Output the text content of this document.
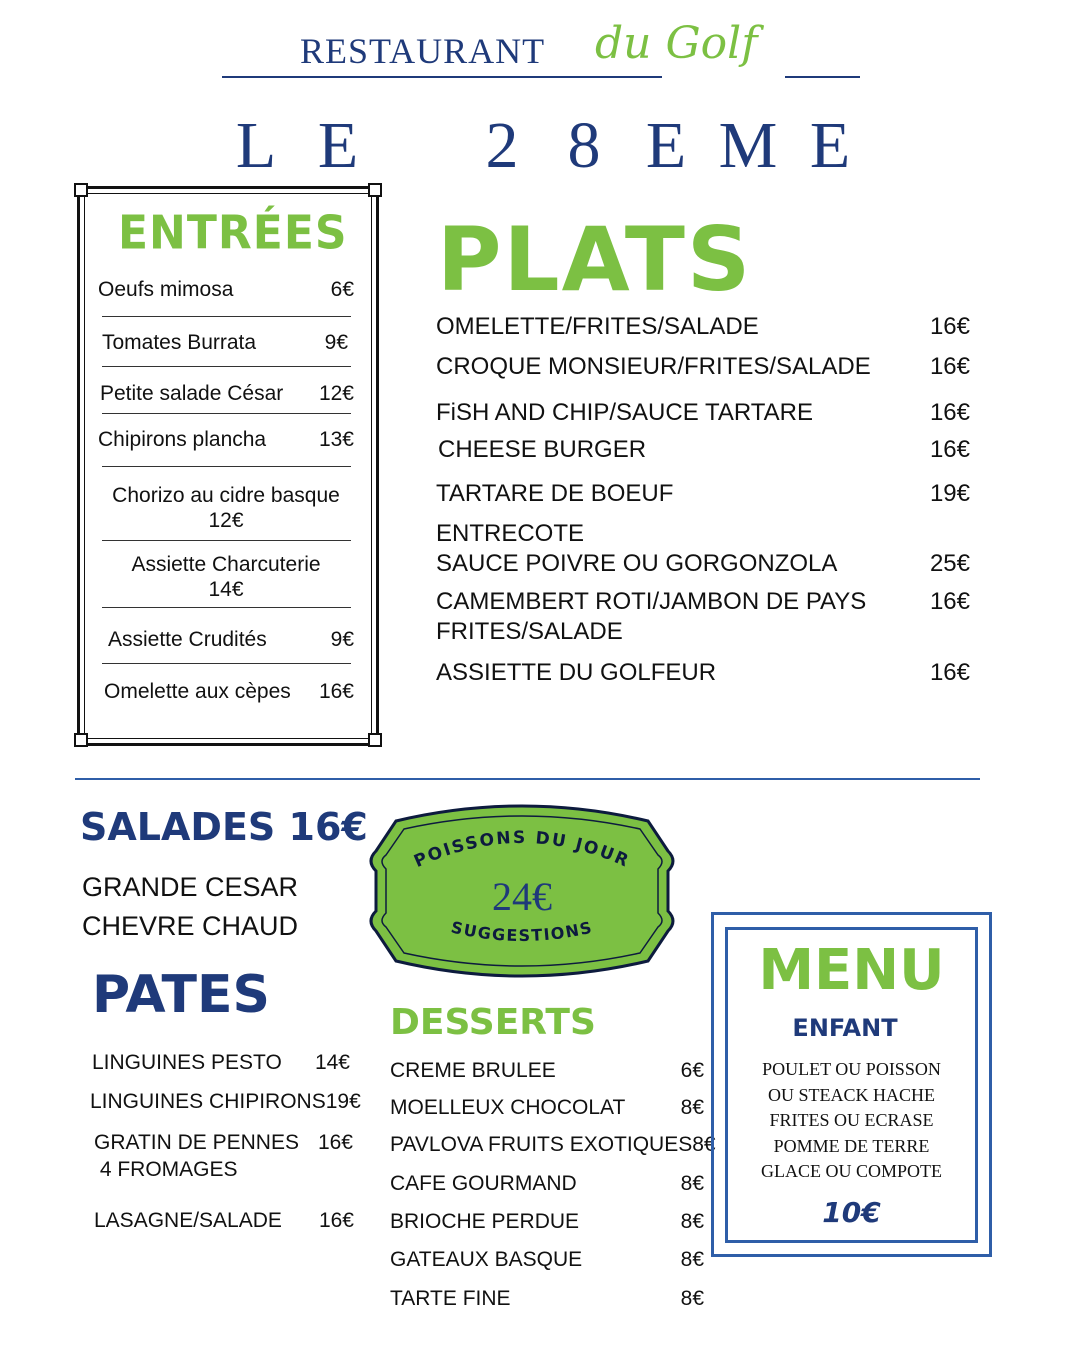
RESTAURANT du Golf
L E	2 8 E M E
ENTRÉES
Oeufs mimosa	6€
Tomates Burrata	9€
Petite salade César 12€
Chipirons plancha	13€
Chorizo au cidre basque
12€
Assiette Charcuterie
14€
Assiette Crudités	9€
Omelette aux cèpes 16€
PLATS
OMELETTE/FRITES/SALADE	16€
CROQUE MONSIEUR/FRITES/SALADE 16€
FiSH AND CHIP/SAUCE TARTARE	16€
CHEESE BURGER	16€
TARTARE DE BOEUF	19€
ENTRECOTE
SAUCE POIVRE OU GORGONZOLA	25€
CAMEMBERT ROTI/JAMBON DE PAYS	16€
FRITES/SALADE
ASSIETTE DU GOLFEUR	16€
SALADES 16€
GRANDE CESAR
CHEVRE CHAUD
PATES
LINGUINES PESTO 14€
LINGUINES CHIPIRONS 19€
GRATIN DE PENNES 16€
4 FROMAGES
LASAGNE/SALADE 16€
POISSONS DU JOUR
24€
SUGGESTIONS
DESSERTS
CREME BRULEE	6€
MOELLEUX CHOCOLAT	8€
PAVLOVA FRUITS EXOTIQUES 8€
CAFE GOURMAND	8€
BRIOCHE PERDUE	8€
GATEAUX BASQUE	8€
TARTE FINE	8€
MENU
ENFANT
POULET OU POISSON
OU STEACK HACHE
FRITES OU ECRASE
POMME DE TERRE
GLACE OU COMPOTE
10€
